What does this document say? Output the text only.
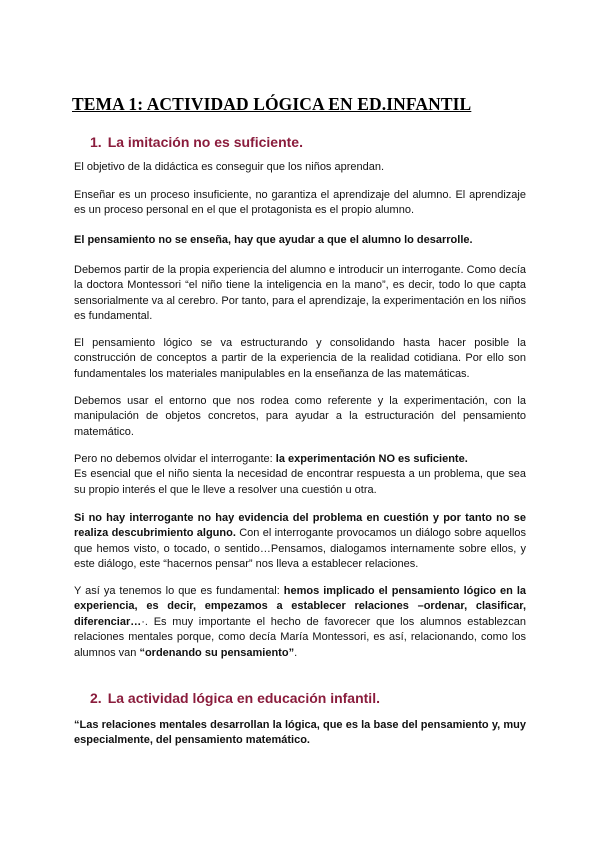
TEMA 1: ACTIVIDAD LÓGICA EN ED.INFANTIL
1. La imitación no es suficiente.

El objetivo de la didáctica es conseguir que los niños aprendan.

Enseñar es un proceso insuficiente, no garantiza el aprendizaje del alumno. El aprendizaje es un proceso personal en el que el protagonista es el propio alumno.

El pensamiento no se enseña, hay que ayudar a que el alumno lo desarrolle.

Debemos partir de la propia experiencia del alumno e introducir un interrogante. Como decía la doctora Montessori “el niño tiene la inteligencia en la mano”, es decir, todo lo que capta sensorialmente va al cerebro. Por tanto, para el aprendizaje, la experimentación en los niños es fundamental.

El pensamiento lógico se va estructurando y consolidando hasta hacer posible la construcción de conceptos a partir de la experiencia de la realidad cotidiana. Por ello son fundamentales los materiales manipulables en la enseñanza de las matemáticas.

Debemos usar el entorno que nos rodea como referente y la experimentación, con la manipulación de objetos concretos, para ayudar a la estructuración del pensamiento matemático.

Pero no debemos olvidar el interrogante: la experimentación NO es suficiente.
Es esencial que el niño sienta la necesidad de encontrar respuesta a un problema, que sea su propio interés el que le lleve a resolver una cuestión u otra.

Si no hay interrogante no hay evidencia del problema en cuestión y por tanto no se realiza descubrimiento alguno. Con el interrogante provocamos un diálogo sobre aquellos que hemos visto, o tocado, o sentido…Pensamos, dialogamos internamente sobre ellos, y este diálogo, este “hacernos pensar” nos lleva a establecer relaciones.

Y así ya tenemos lo que es fundamental: hemos implicado el pensamiento lógico en la experiencia, es decir, empezamos a establecer relaciones –ordenar, clasificar, diferenciar…·. Es muy importante el hecho de favorecer que los alumnos establezcan relaciones mentales porque, como decía María Montessori, es así, relacionando, como los alumnos van “ordenando su pensamiento”.

2. La actividad lógica en educación infantil.

“Las relaciones mentales desarrollan la lógica, que es la base del pensamiento y, muy especialmente, del pensamiento matemático.
